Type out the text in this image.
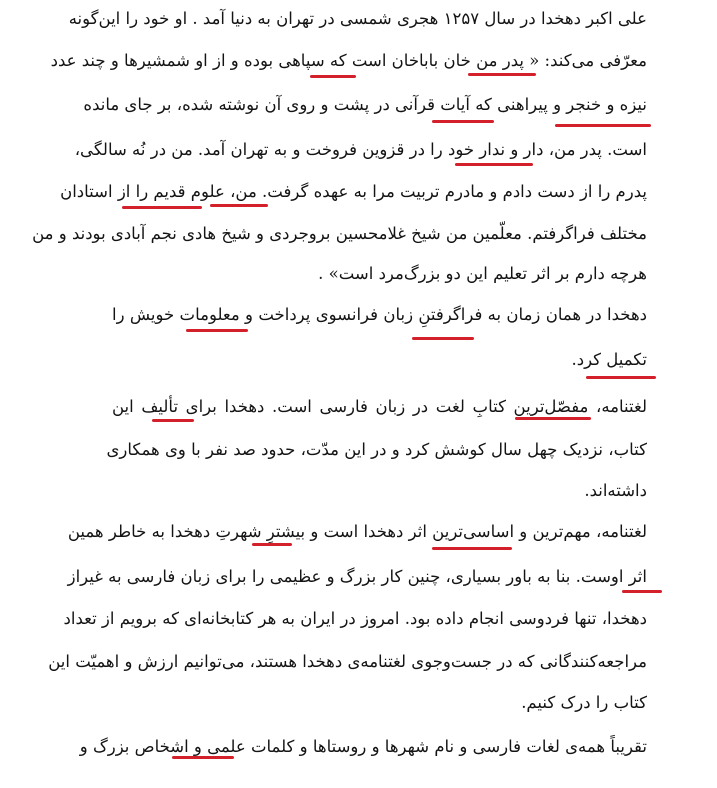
علی اکبر دهخدا در سال ۱۲۵۷ هجری شمسی در تهران به دنیا آمد . او خود را این‌گونه
معرّفی می‌کند: « پدر من خان باباخان است که سپاهی بوده و از او شمشیرها و چند عدد
نیزه و خنجر و پیراهنی که آیات قرآنی در پشت و روی آن نوشته شده، بر جای مانده
است. پدر من، دار و ندار خود را در قزوین فروخت و به تهران آمد. من در نُه سالگی،
پدرم را از دست دادم و مادرم تربیت مرا به عهده گرفت. من، علوم قدیم را از استادان
مختلف فراگرفتم. معلّمین من شیخ غلامحسین بروجردی و شیخ هادی نجم آبادی بودند و من
هرچه دارم بر اثر تعلیم این دو بزرگ‌مرد است» .
دهخدا در همان زمان به فراگرفتنِ زبان فرانسوی پرداخت و معلومات خویش را
تکمیل کرد.
لغتنامه، مفصّل‌ترین کتابِ لغت در زبان فارسی است. دهخدا برای تألیف این
کتاب، نزدیک چهل سال کوشش کرد و در این مدّت، حدود صد نفر با وی همکاری
داشته‌اند.
لغتنامه، مهم‌ترین و اساسی‌ترین اثر دهخدا است و بیشترِ شهرتِ دهخدا به خاطر همین
اثر اوست. بنا به باور بسیاری، چنین کار بزرگ و عظیمی را برای زبان فارسی به غیراز
دهخدا، تنها فردوسی انجام داده بود. امروز در ایران به هر کتابخانه‌ای که برویم از تعداد
مراجعه‌کنندگانی که در جست‌وجوی لغتنامه‌ی دهخدا هستند، می‌توانیم ارزش و اهمیّت این
کتاب را درک کنیم.
تقریباً همه‌ی لغات فارسی و نام شهرها و روستاها و کلمات علمی و اشخاص بزرگ و
